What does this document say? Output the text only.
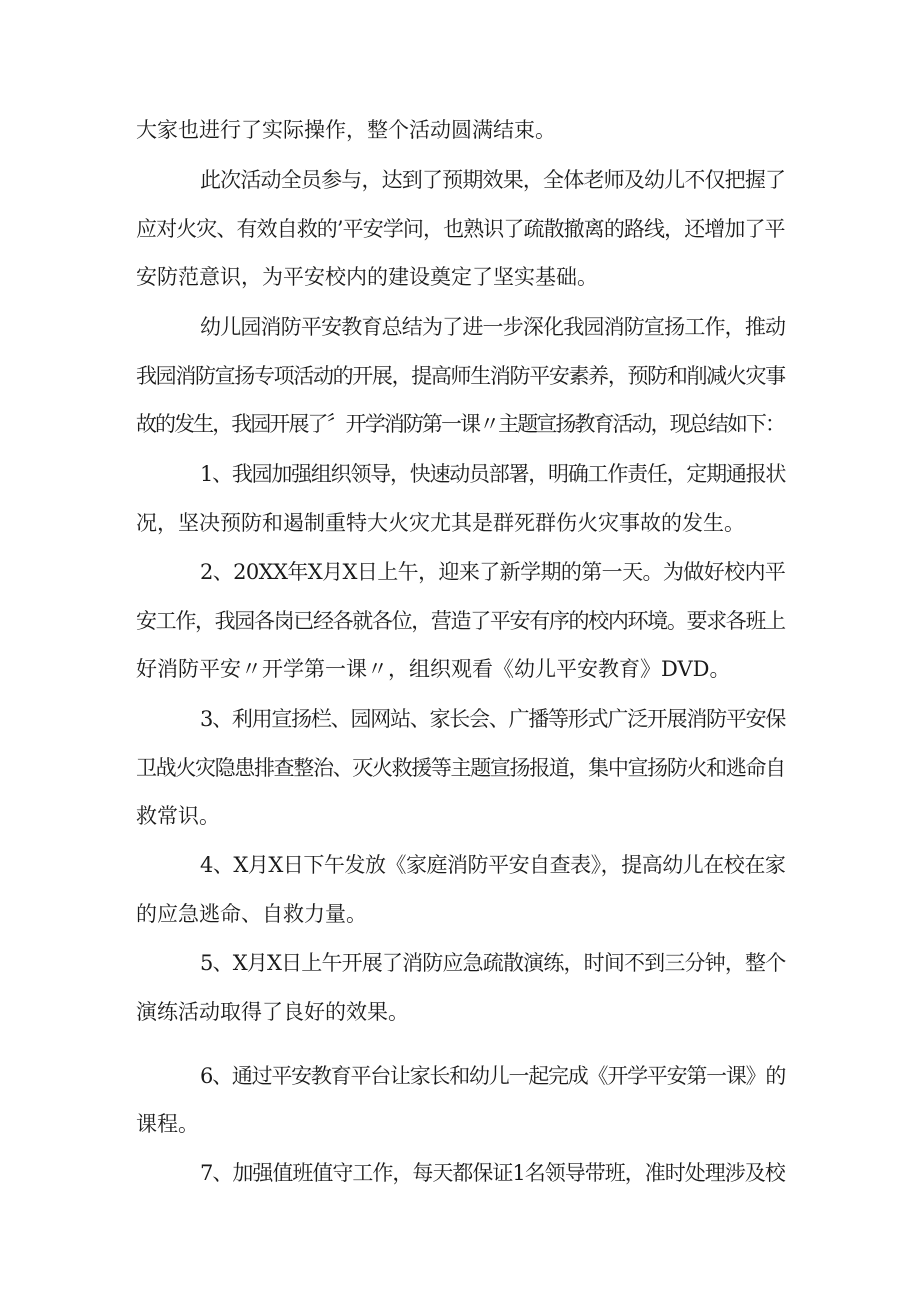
大家也进行了实际操作，整个活动圆满结束。

此次活动全员参与，达到了预期效果，全体老师及幼儿不仅把握了

应对火灾、有效自救的’平安学问，也熟识了疏散撤离的路线，还增加了平

安防范意识，为平安校内的建设奠定了坚实基础。

幼儿园消防平安教育总结为了进一步深化我园消防宣扬工作，推动

我园消防宣扬专项活动的开展，提高师生消防平安素养，预防和削减火灾事

故的发生，我园开展了〞开学消防第一课〃主题宣扬教育活动，现总结如下：

1、我园加强组织领导，快速动员部署，明确工作责任，定期通报状

况，坚决预防和遏制重特大火灾尤其是群死群伤火灾事故的发生。

2、20XX年X月X日上午，迎来了新学期的第一天。为做好校内平

安工作，我园各岗已经各就各位，营造了平安有序的校内环境。要求各班上

好消防平安〃开学第一课〃，组织观看《幼儿平安教育》DVD。

3、利用宣扬栏、园网站、家长会、广播等形式广泛开展消防平安保

卫战火灾隐患排查整治、灭火救援等主题宣扬报道，集中宣扬防火和逃命自

救常识。

4、X月X日下午发放《家庭消防平安自查表》，提高幼儿在校在家

的应急逃命、自救力量。

5、X月X日上午开展了消防应急疏散演练，时间不到三分钟，整个

演练活动取得了良好的效果。

6、通过平安教育平台让家长和幼儿一起完成《开学平安第一课》的

课程。

7、加强值班值守工作，每天都保证1名领导带班，准时处理涉及校
